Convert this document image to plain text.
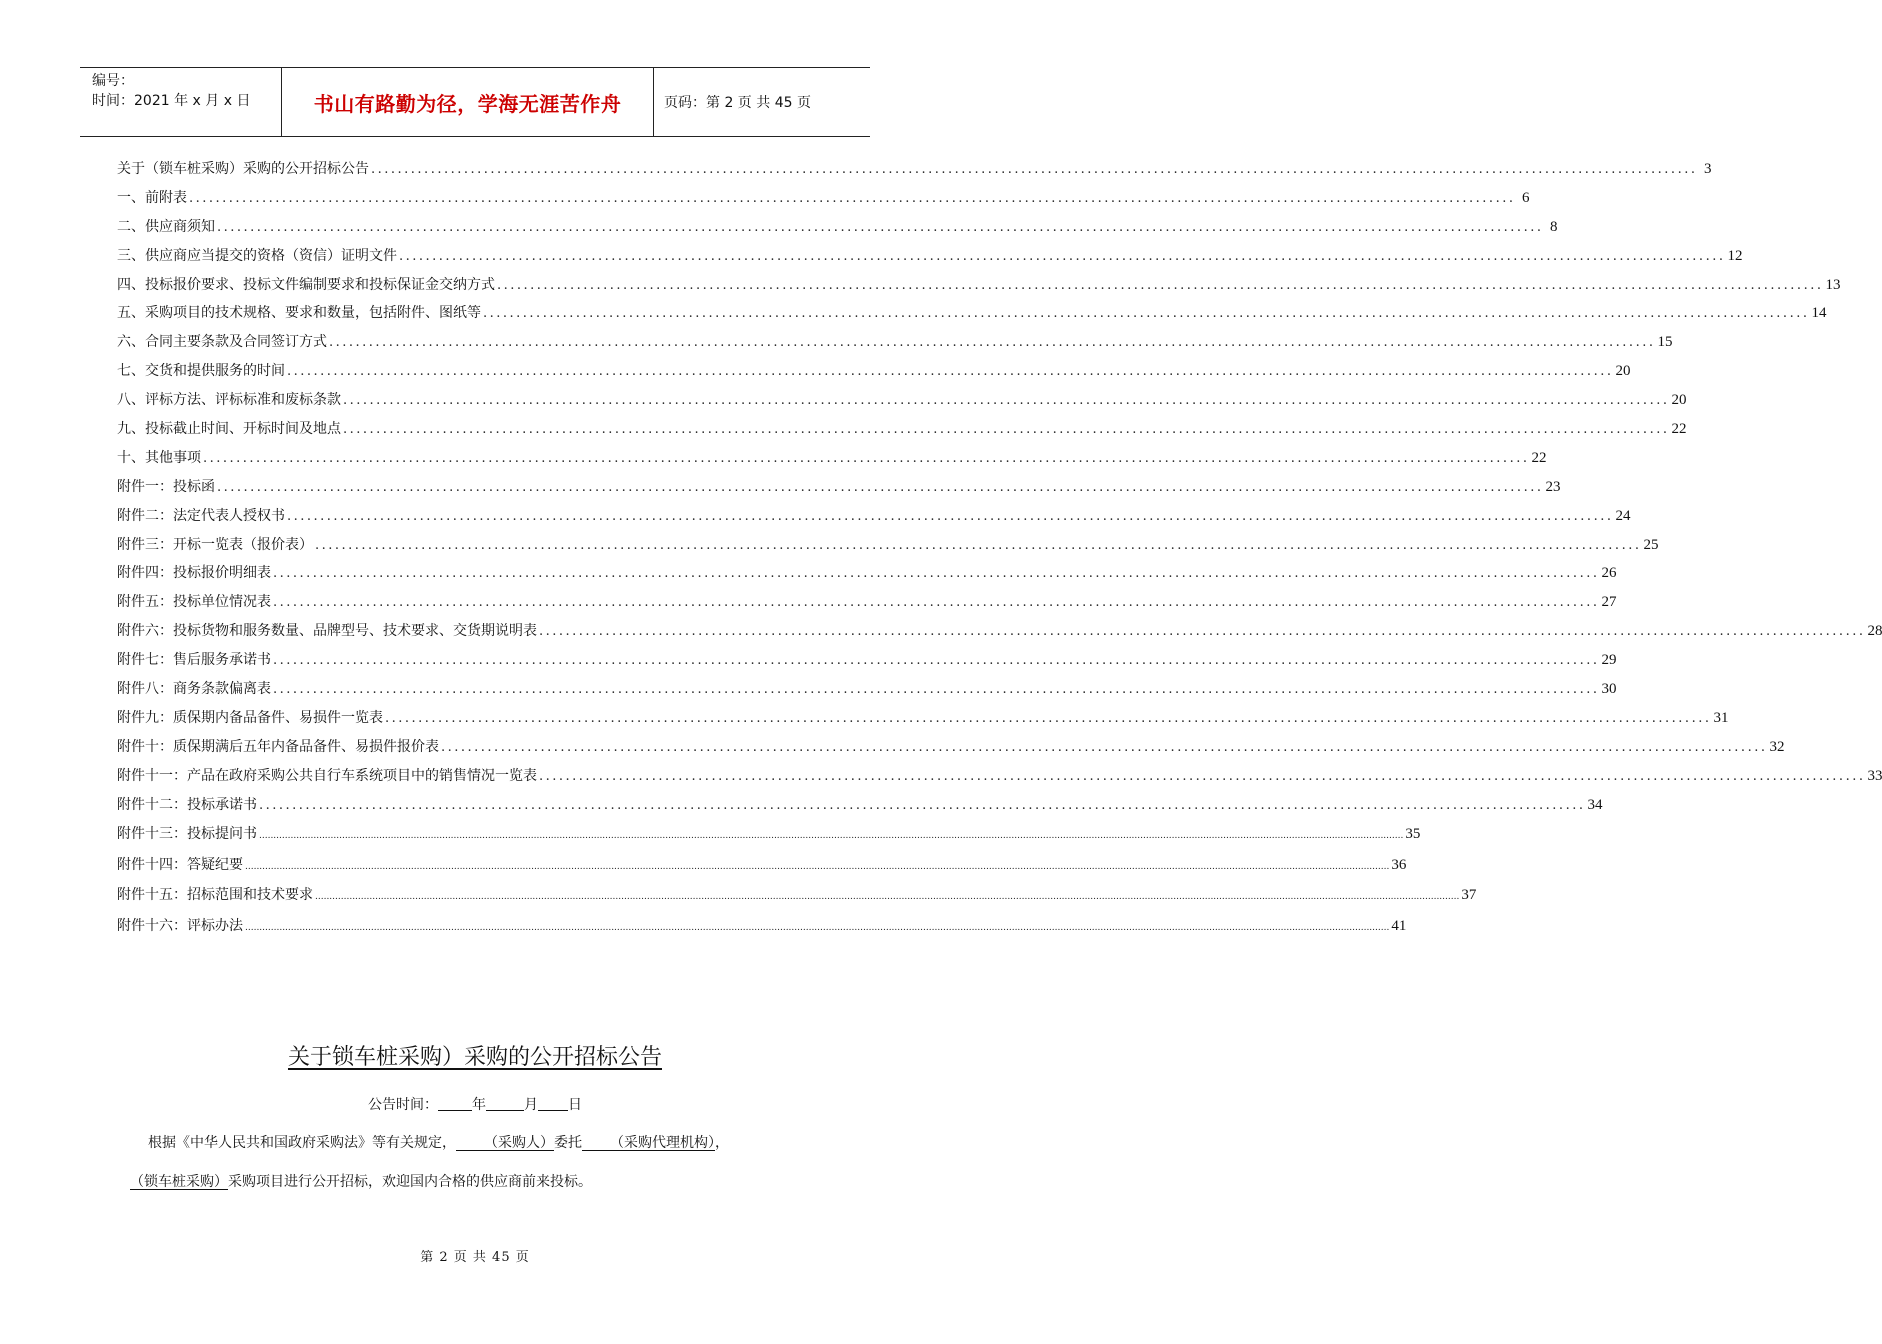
编号：
时间：2021 年 x 月 x 日	书山有路勤为径，学海无涯苦作舟	页码：第 2 页 共 45 页
关于（锁车桩采购）采购的公开招标公告 ........................................................................................................................................................................................................ 3
一、前附表 ........................................................................................................................................................................................................ 6
二、供应商须知 ........................................................................................................................................................................................................ 8
三、供应商应当提交的资格（资信）证明文件 ........................................................................................................................................................................................................ 12
四、投标报价要求、投标文件编制要求和投标保证金交纳方式 ........................................................................................................................................................................................................ 13
五、采购项目的技术规格、要求和数量，包括附件、图纸等 ........................................................................................................................................................................................................ 14
六、合同主要条款及合同签订方式 ........................................................................................................................................................................................................ 15
七、交货和提供服务的时间 ........................................................................................................................................................................................................ 20
八、评标方法、评标标准和废标条款 ........................................................................................................................................................................................................ 20
九、投标截止时间、开标时间及地点 ........................................................................................................................................................................................................ 22
十、其他事项 ........................................................................................................................................................................................................ 22
附件一：投标函 ........................................................................................................................................................................................................ 23
附件二：法定代表人授权书 ........................................................................................................................................................................................................ 24
附件三：开标一览表（报价表） ........................................................................................................................................................................................................ 25
附件四：投标报价明细表 ........................................................................................................................................................................................................ 26
附件五：投标单位情况表 ........................................................................................................................................................................................................ 27
附件六：投标货物和服务数量、品牌型号、技术要求、交货期说明表 ........................................................................................................................................................................................................ 28
附件七：售后服务承诺书 ........................................................................................................................................................................................................ 29
附件八：商务条款偏离表 ........................................................................................................................................................................................................ 30
附件九：质保期内备品备件、易损件一览表 ........................................................................................................................................................................................................ 31
附件十：质保期满后五年内备品备件、易损件报价表 ........................................................................................................................................................................................................ 32
附件十一：产品在政府采购公共自行车系统项目中的销售情况一览表 ........................................................................................................................................................................................................ 33
附件十二：投标承诺书 ........................................................................................................................................................................................................ 34
附件十三：投标提问书 ................................................................................................................................................................................................................................................................................................................................................................................................................ 35
附件十四：答疑纪要 ................................................................................................................................................................................................................................................................................................................................................................................................................ 36
附件十五：招标范围和技术要求 ................................................................................................................................................................................................................................................................................................................................................................................................................ 37
附件十六：评标办法 ................................................................................................................................................................................................................................................................................................................................................................................................................ 41
关于锁车桩采购）采购的公开招标公告
公告时间： 年	月 日
根据《中华人民共和国政府采购法》等有关规定，   （采购人）委托   （采购代理机构），
（锁车桩采购）采购项目进行公开招标，欢迎国内合格的供应商前来投标。
第 2 页 共 45 页
